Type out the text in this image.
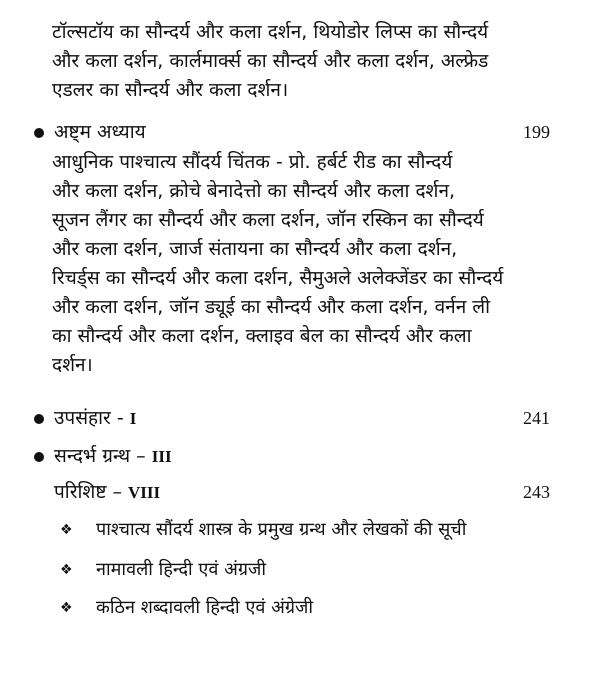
टॉल्सटॉय का सौन्दर्य और कला दर्शन, थियोडोर लिप्स का सौन्दर्य
और कला दर्शन, कार्लमार्क्स का सौन्दर्य और कला दर्शन, अल्फ्रेड
एडलर का सौन्दर्य और कला दर्शन।
अष्ट्म अध्याय	199
आधुनिक पाश्चात्य सौंदर्य चिंतक - प्रो. हर्बर्ट रीड का सौन्दर्य
और कला दर्शन, क्रोचे बेनादेत्तो का सौन्दर्य और कला दर्शन,
सूजन लैंगर का सौन्दर्य और कला दर्शन, जॉन रस्किन का सौन्दर्य
और कला दर्शन, जार्ज संतायना का सौन्दर्य और कला दर्शन,
रिचर्ड्स का सौन्दर्य और कला दर्शन, सैमुअले अलेक्जेंडर का सौन्दर्य
और कला दर्शन, जॉन ड्यूई का सौन्दर्य और कला दर्शन, वर्नन ली
का सौन्दर्य और कला दर्शन, क्लाइव बेल का सौन्दर्य और कला
दर्शन।
उपसंहार - I	241
सन्दर्भ ग्रन्थ – III
परिशिष्ट – VIII	243
❖ पाश्चात्य सौंदर्य शास्त्र के प्रमुख ग्रन्थ और लेखकों की सूची
❖ नामावली हिन्दी एवं अंग्रजी
❖ कठिन शब्दावली हिन्दी एवं अंग्रेजी
